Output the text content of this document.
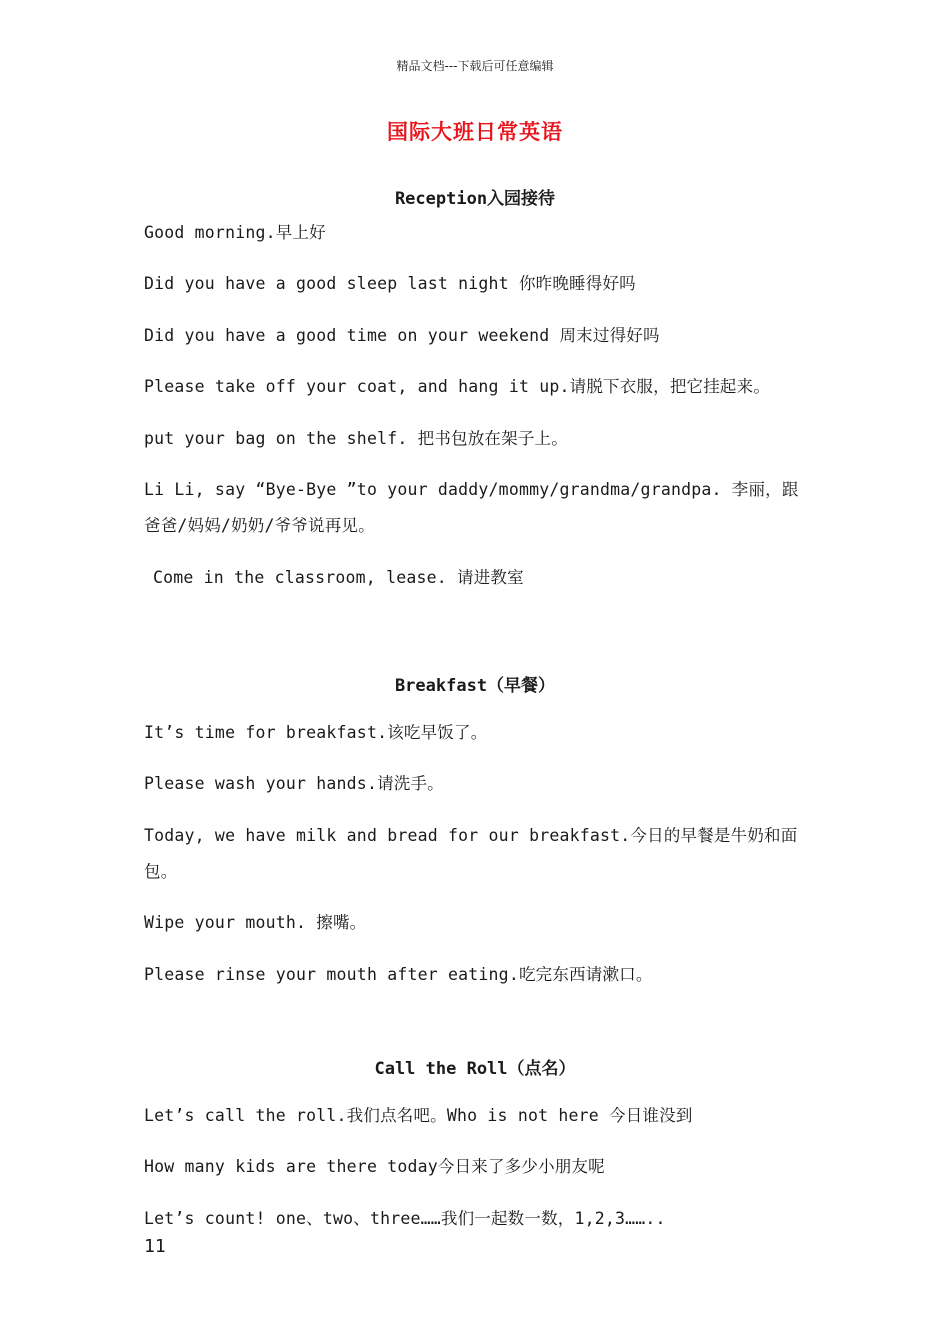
精品文档---下载后可任意编辑
国际大班日常英语
Reception入园接待
Good morning.早上好
Did you have a good sleep last night 你昨晚睡得好吗
Did you have a good time on your weekend 周末过得好吗
Please take off your coat, and hang it up.请脱下衣服，把它挂起来。
put your bag on the shelf. 把书包放在架子上。
Li Li, say “Bye-Bye ”to your daddy/mommy/grandma/grandpa. 李丽，跟爸爸/妈妈/奶奶/爷爷说再见。
Come in the classroom, lease. 请进教室
Breakfast（早餐）
It’s time for breakfast.该吃早饭了。
Please wash your hands.请洗手。
Today, we have milk and bread for our breakfast.今日的早餐是牛奶和面包。
Wipe your mouth. 擦嘴。
Please rinse your mouth after eating.吃完东西请漱口。
Call the Roll（点名）
Let’s call the roll.我们点名吧。Who is not here 今日谁没到
How many kids are there today今日来了多少小朋友呢
Let’s count! one、two、three……我们一起数一数，1,2,3……..
11
